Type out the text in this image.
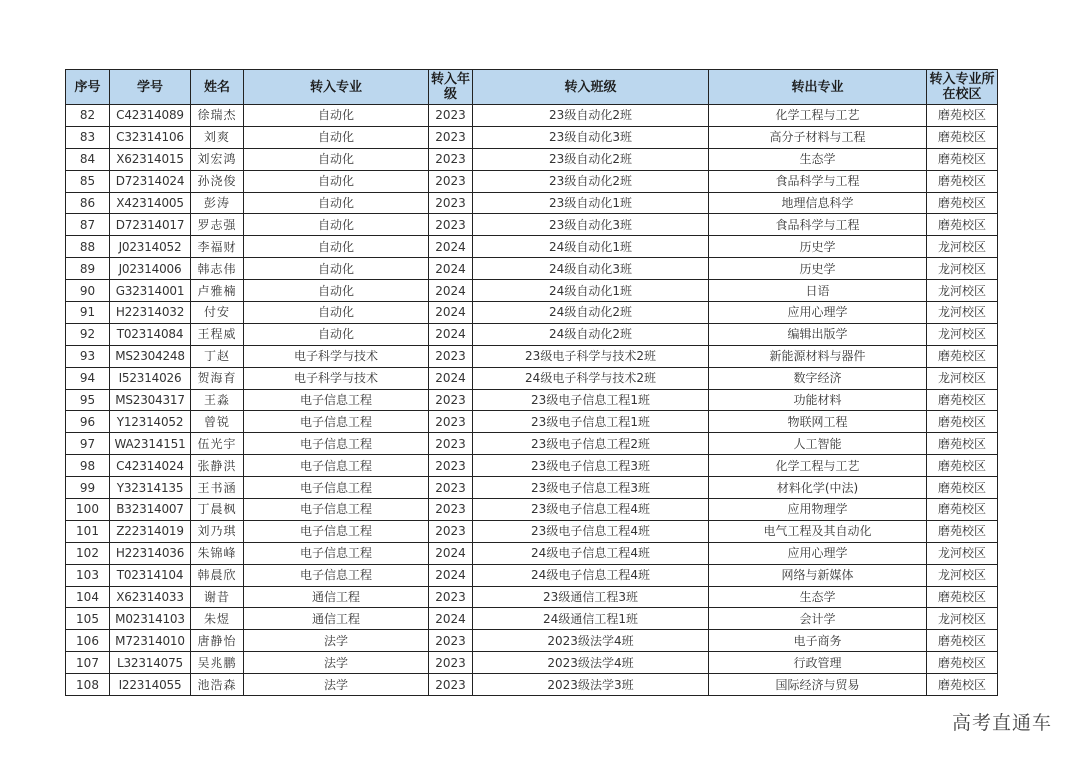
序号	学号	姓名	转入专业	转入年级	转入班级	转出专业	转入专业所在校区
82	C42314089	徐瑞杰	自动化	2023	23级自动化2班	化学工程与工艺	磨苑校区
83	C32314106	刘爽	自动化	2023	23级自动化3班	高分子材料与工程	磨苑校区
84	X62314015	刘宏鸿	自动化	2023	23级自动化2班	生态学	磨苑校区
85	D72314024	孙浇俊	自动化	2023	23级自动化2班	食品科学与工程	磨苑校区
86	X42314005	彭涛	自动化	2023	23级自动化1班	地理信息科学	磨苑校区
87	D72314017	罗志强	自动化	2023	23级自动化3班	食品科学与工程	磨苑校区
88	J02314052	李福财	自动化	2024	24级自动化1班	历史学	龙河校区
89	J02314006	韩志伟	自动化	2024	24级自动化3班	历史学	龙河校区
90	G32314001	卢雅楠	自动化	2024	24级自动化1班	日语	龙河校区
91	H22314032	付安	自动化	2024	24级自动化2班	应用心理学	龙河校区
92	T02314084	王程威	自动化	2024	24级自动化2班	编辑出版学	龙河校区
93	MS2304248	丁赵	电子科学与技术	2023	23级电子科学与技术2班	新能源材料与器件	磨苑校区
94	I52314026	贺海育	电子科学与技术	2024	24级电子科学与技术2班	数字经济	龙河校区
95	MS2304317	王淼	电子信息工程	2023	23级电子信息工程1班	功能材料	磨苑校区
96	Y12314052	曾锐	电子信息工程	2023	23级电子信息工程1班	物联网工程	磨苑校区
97	WA2314151	伍光宇	电子信息工程	2023	23级电子信息工程2班	人工智能	磨苑校区
98	C42314024	张静洪	电子信息工程	2023	23级电子信息工程3班	化学工程与工艺	磨苑校区
99	Y32314135	王书涵	电子信息工程	2023	23级电子信息工程3班	材料化学(中法)	磨苑校区
100	B32314007	丁晨枫	电子信息工程	2023	23级电子信息工程4班	应用物理学	磨苑校区
101	Z22314019	刘乃琪	电子信息工程	2023	23级电子信息工程4班	电气工程及其自动化	磨苑校区
102	H22314036	朱锦峰	电子信息工程	2024	24级电子信息工程4班	应用心理学	龙河校区
103	T02314104	韩晨欣	电子信息工程	2024	24级电子信息工程4班	网络与新媒体	龙河校区
104	X62314033	谢昔	通信工程	2023	23级通信工程3班	生态学	磨苑校区
105	M02314103	朱煜	通信工程	2024	24级通信工程1班	会计学	龙河校区
106	M72314010	唐静怡	法学	2023	2023级法学4班	电子商务	磨苑校区
107	L32314075	吴兆鹏	法学	2023	2023级法学4班	行政管理	磨苑校区
108	I22314055	池浩森	法学	2023	2023级法学3班	国际经济与贸易	磨苑校区
高考直通车
